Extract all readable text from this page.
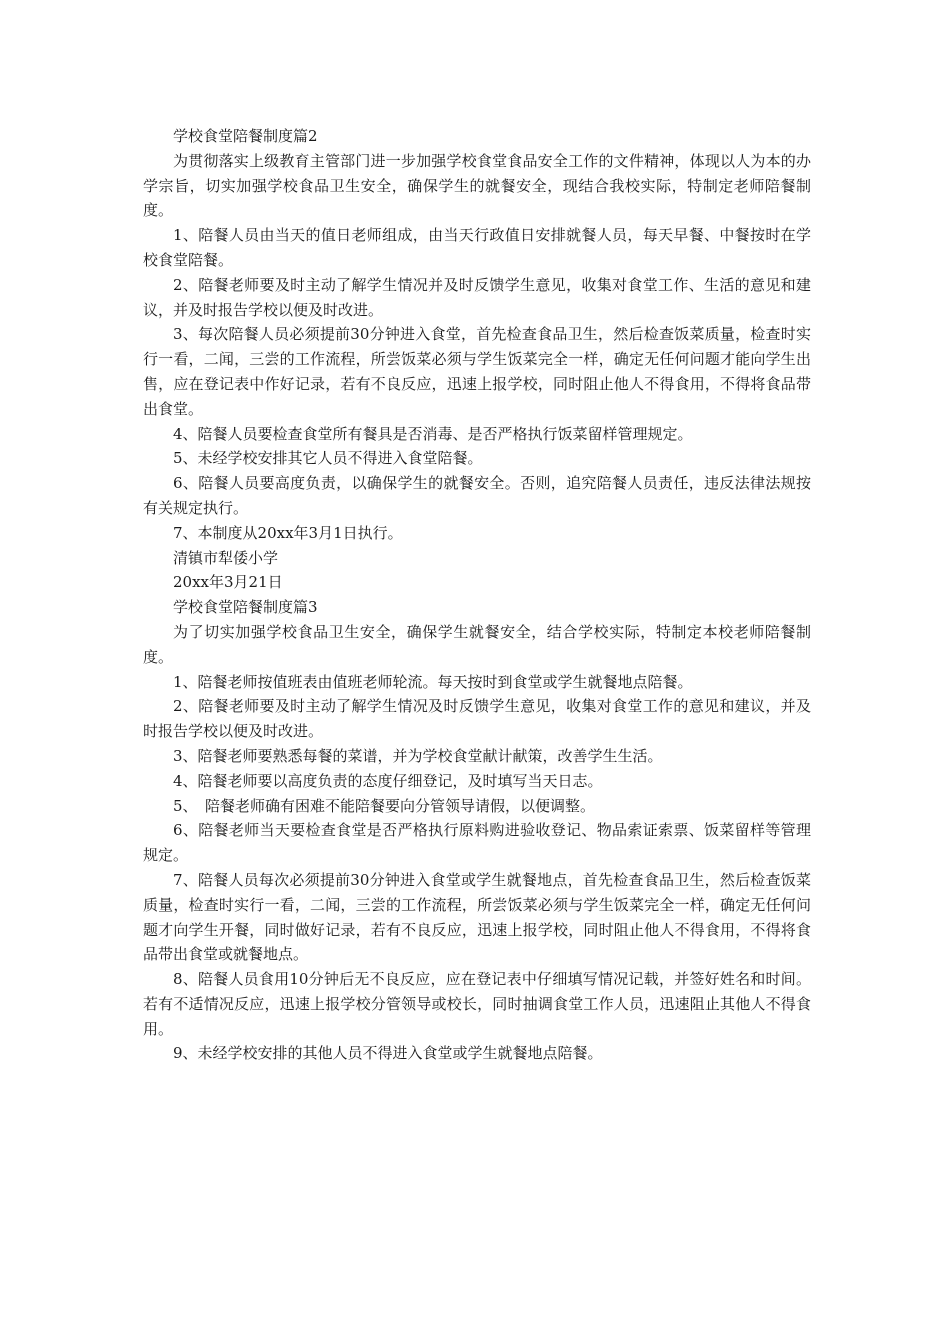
学校食堂陪餐制度篇2

为贯彻落实上级教育主管部门进一步加强学校食堂食品安全工作的文件精神，体现以人为本的办学宗旨，切实加强学校食品卫生安全，确保学生的就餐安全，现结合我校实际，特制定老师陪餐制度。

1、陪餐人员由当天的值日老师组成，由当天行政值日安排就餐人员，每天早餐、中餐按时在学校食堂陪餐。

2、陪餐老师要及时主动了解学生情况并及时反馈学生意见，收集对食堂工作、生活的意见和建议，并及时报告学校以便及时改进。

3、每次陪餐人员必须提前30分钟进入食堂，首先检查食品卫生，然后检查饭菜质量，检查时实行一看，二闻，三尝的工作流程，所尝饭菜必须与学生饭菜完全一样，确定无任何问题才能向学生出售，应在登记表中作好记录，若有不良反应，迅速上报学校，同时阻止他人不得食用，不得将食品带出食堂。

4、陪餐人员要检查食堂所有餐具是否消毒、是否严格执行饭菜留样管理规定。

5、未经学校安排其它人员不得进入食堂陪餐。

6、陪餐人员要高度负责，以确保学生的就餐安全。否则，追究陪餐人员责任，违反法律法规按有关规定执行。

7、本制度从20xx年3月1日执行。

清镇市犁倭小学

20xx年3月21日

学校食堂陪餐制度篇3

为了切实加强学校食品卫生安全，确保学生就餐安全，结合学校实际，特制定本校老师陪餐制度。

1、陪餐老师按值班表由值班老师轮流。每天按时到食堂或学生就餐地点陪餐。

2、陪餐老师要及时主动了解学生情况及时反馈学生意见，收集对食堂工作的意见和建议，并及时报告学校以便及时改进。

3、陪餐老师要熟悉每餐的菜谱，并为学校食堂献计献策，改善学生生活。

4、陪餐老师要以高度负责的态度仔细登记，及时填写当天日志。

5、　陪餐老师确有困难不能陪餐要向分管领导请假，以便调整。

6、陪餐老师当天要检查食堂是否严格执行原料购进验收登记、物品索证索票、饭菜留样等管理规定。

7、陪餐人员每次必须提前30分钟进入食堂或学生就餐地点，首先检查食品卫生，然后检查饭菜质量，检查时实行一看，二闻，三尝的工作流程，所尝饭菜必须与学生饭菜完全一样，确定无任何问题才向学生开餐，同时做好记录，若有不良反应，迅速上报学校，同时阻止他人不得食用，不得将食品带出食堂或就餐地点。

8、陪餐人员食用10分钟后无不良反应，应在登记表中仔细填写情况记载，并签好姓名和时间。若有不适情况反应，迅速上报学校分管领导或校长，同时抽调食堂工作人员，迅速阻止其他人不得食用。

9、未经学校安排的其他人员不得进入食堂或学生就餐地点陪餐。
